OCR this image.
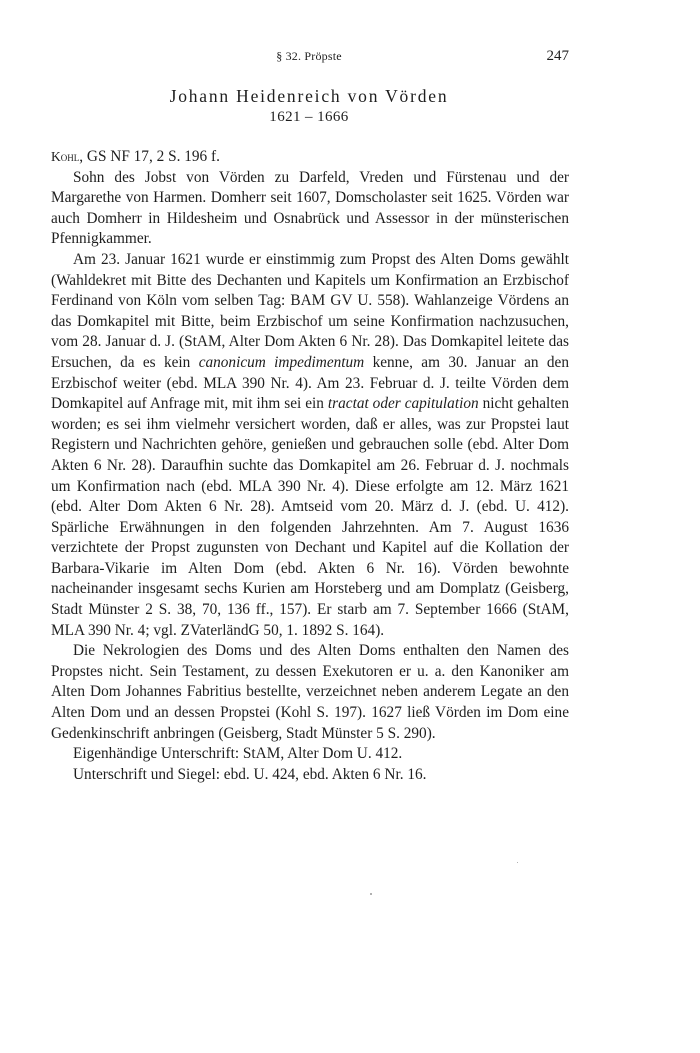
§ 32. Pröpste	247
Johann Heidenreich von Vörden
1621 – 1666

Kohl, GS NF 17, 2 S. 196 f.

Sohn des Jobst von Vörden zu Darfeld, Vreden und Fürstenau und der Margarethe von Harmen. Domherr seit 1607, Domscholaster seit 1625. Vörden war auch Domherr in Hildesheim und Osnabrück und Assessor in der münsterischen Pfennigkammer.

Am 23. Januar 1621 wurde er einstimmig zum Propst des Alten Doms gewählt (Wahldekret mit Bitte des Dechanten und Kapitels um Konfirmation an Erzbischof Ferdinand von Köln vom selben Tag: BAM GV U. 558). Wahlanzeige Vördens an das Domkapitel mit Bitte, beim Erzbischof um seine Konfirmation nachzusuchen, vom 28. Januar d. J. (StAM, Alter Dom Akten 6 Nr. 28). Das Domkapitel leitete das Ersuchen, da es kein canonicum impedimentum kenne, am 30. Januar an den Erzbischof weiter (ebd. MLA 390 Nr. 4). Am 23. Februar d. J. teilte Vörden dem Domkapitel auf Anfrage mit, mit ihm sei ein tractat oder capitulation nicht gehalten worden; es sei ihm vielmehr versichert worden, daß er alles, was zur Propstei laut Registern und Nachrichten gehöre, genießen und gebrauchen solle (ebd. Alter Dom Akten 6 Nr. 28). Daraufhin suchte das Domkapitel am 26. Februar d. J. nochmals um Konfirmation nach (ebd. MLA 390 Nr. 4). Diese erfolgte am 12. März 1621 (ebd. Alter Dom Akten 6 Nr. 28). Amtseid vom 20. März d. J. (ebd. U. 412). Spärliche Erwähnungen in den folgenden Jahrzehnten. Am 7. August 1636 verzichtete der Propst zugunsten von Dechant und Kapitel auf die Kollation der Barbara-Vikarie im Alten Dom (ebd. Akten 6 Nr. 16). Vörden bewohnte nacheinander insgesamt sechs Kurien am Horsteberg und am Domplatz (Geisberg, Stadt Münster 2 S. 38, 70, 136 ff., 157). Er starb am 7. September 1666 (StAM, MLA 390 Nr. 4; vgl. ZVaterländG 50, 1. 1892 S. 164).

Die Nekrologien des Doms und des Alten Doms enthalten den Namen des Propstes nicht. Sein Testament, zu dessen Exekutoren er u. a. den Kanoniker am Alten Dom Johannes Fabritius bestellte, verzeichnet neben anderem Legate an den Alten Dom und an dessen Propstei (Kohl S. 197). 1627 ließ Vörden im Dom eine Gedenkinschrift anbringen (Geisberg, Stadt Münster 5 S. 290).

Eigenhändige Unterschrift: StAM, Alter Dom U. 412.

Unterschrift und Siegel: ebd. U. 424, ebd. Akten 6 Nr. 16.
